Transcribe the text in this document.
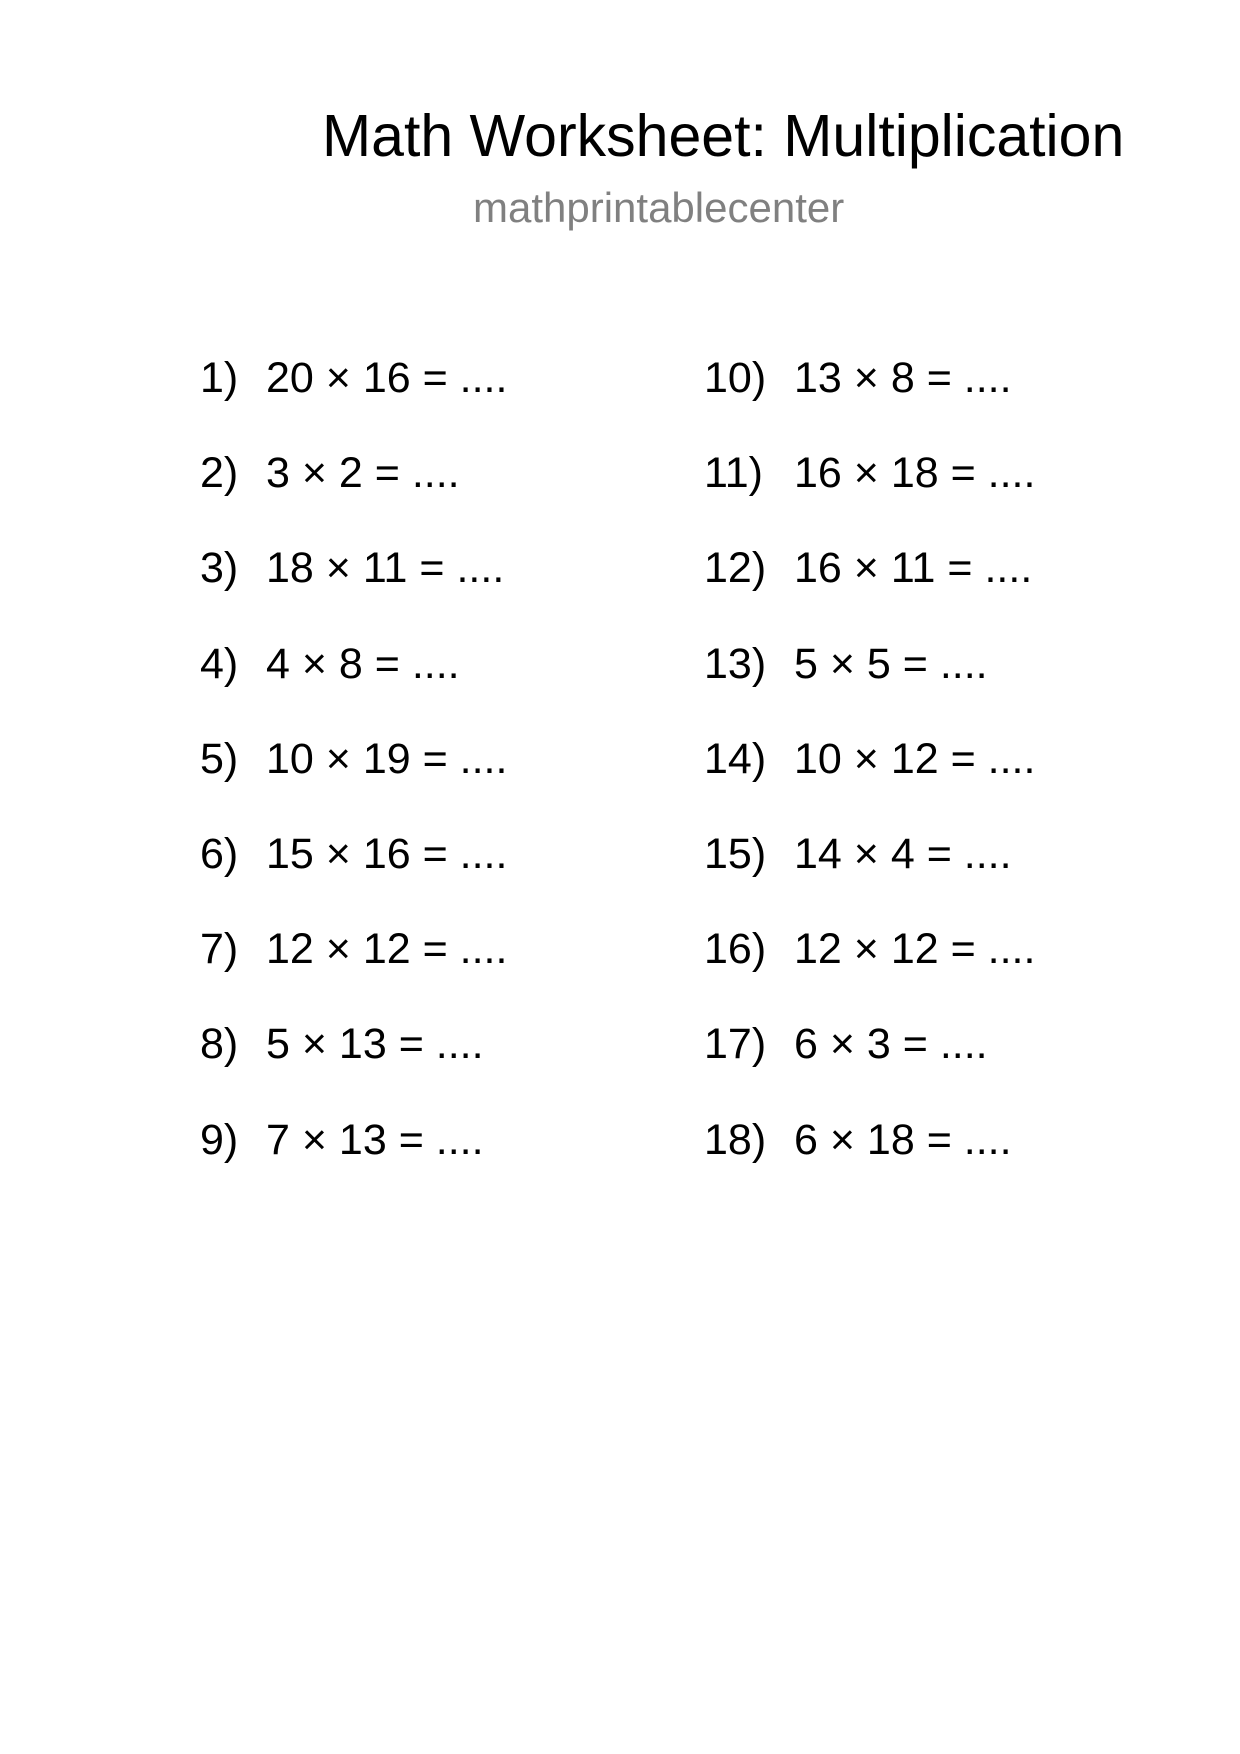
Math Worksheet: Multiplication
mathprintablecenter
1) 20 × 16 = ....
2) 3 × 2 = ....
3) 18 × 11 = ....
4) 4 × 8 = ....
5) 10 × 19 = ....
6) 15 × 16 = ....
7) 12 × 12 = ....
8) 5 × 13 = ....
9) 7 × 13 = ....
10) 13 × 8 = ....
11) 16 × 18 = ....
12) 16 × 11 = ....
13) 5 × 5 = ....
14) 10 × 12 = ....
15) 14 × 4 = ....
16) 12 × 12 = ....
17) 6 × 3 = ....
18) 6 × 18 = ....
